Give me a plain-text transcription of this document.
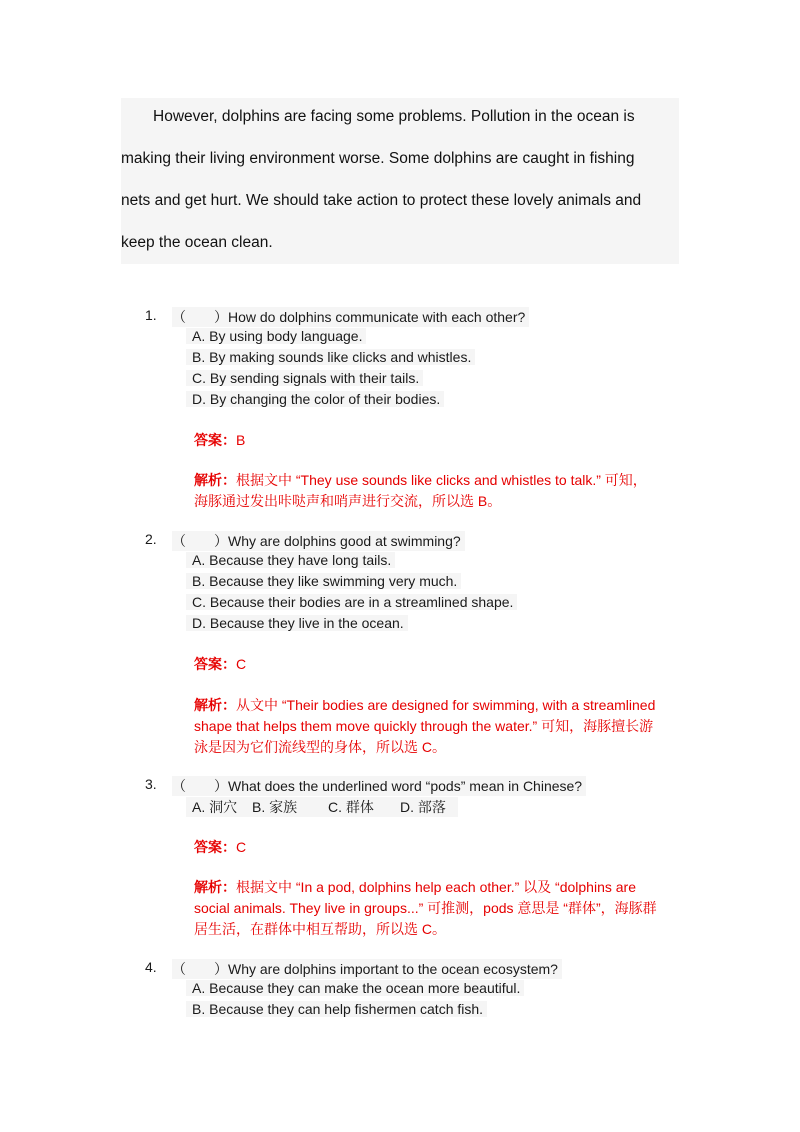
However, dolphins are facing some problems. Pollution in the ocean is
making their living environment worse. Some dolphins are caught in fishing
nets and get hurt. We should take action to protect these lovely animals and
keep the ocean clean.
1. （　　）How do dolphins communicate with each other?
A. By using body language.
B. By making sounds like clicks and whistles.
C. By sending signals with their tails.
D. By changing the color of their bodies.
答案：B
解析：根据文中 “They use sounds like clicks and whistles to talk.” 可知，
海豚通过发出咔哒声和哨声进行交流，所以选 B。
2. （　　）Why are dolphins good at swimming?
A. Because they have long tails.
B. Because they like swimming very much.
C. Because their bodies are in a streamlined shape.
D. Because they live in the ocean.
答案：C
解析：从文中 “Their bodies are designed for swimming, with a streamlined
shape that helps them move quickly through the water.” 可知，海豚擅长游
泳是因为它们流线型的身体，所以选 C。
3. （　　）What does the underlined word “pods” mean in Chinese?
A. 洞穴 B. 家族 C. 群体 D. 部落
答案：C
解析：根据文中 “In a pod, dolphins help each other.” 以及 “dolphins are
social animals. They live in groups...” 可推测，pods 意思是 “群体”，海豚群
居生活，在群体中相互帮助，所以选 C。
4. （　　）Why are dolphins important to the ocean ecosystem?
A. Because they can make the ocean more beautiful.
B. Because they can help fishermen catch fish.
